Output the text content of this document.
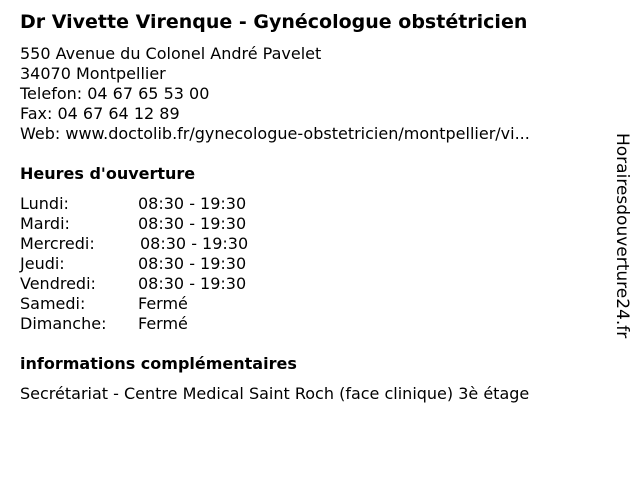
Dr Vivette Virenque - Gynécologue obstétricien
550 Avenue du Colonel André Pavelet
34070 Montpellier
Telefon: 04 67 65 53 00
Fax: 04 67 64 12 89
Web: www.doctolib.fr/gynecologue-obstetricien/montpellier/vi...
Heures d'ouverture
Lundi:	08:30 - 19:30
Mardi:	08:30 - 19:30
Mercredi:	08:30 - 19:30
Jeudi:	08:30 - 19:30
Vendredi:	08:30 - 19:30
Samedi:	Fermé
Dimanche: Fermé
informations complémentaires
Secrétariat - Centre Medical Saint Roch (face clinique) 3è étage
Horairesdouverture24.fr
